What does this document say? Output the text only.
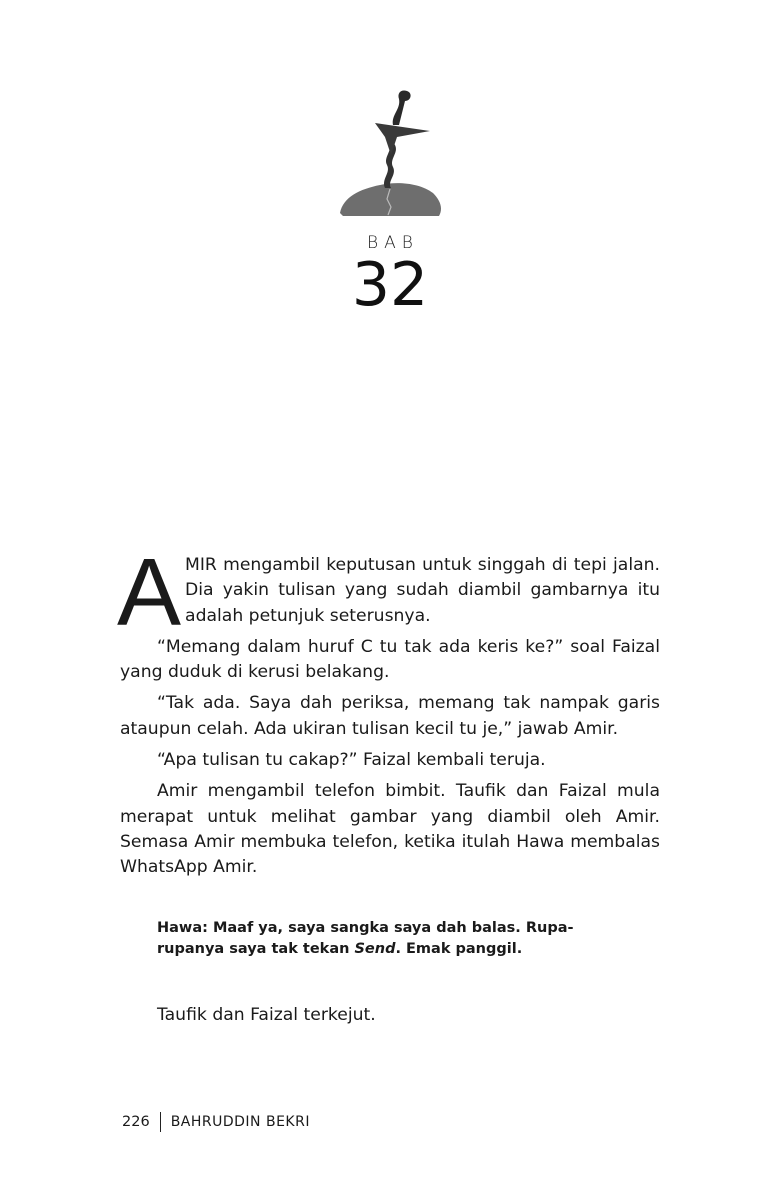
BAB
32

AMIR mengambil keputusan untuk singgah di tepi jalan. Dia yakin tulisan yang sudah diambil gambarnya itu adalah petunjuk seterusnya.

“Memang dalam huruf C tu tak ada keris ke?” soal Faizal yang duduk di kerusi belakang.

“Tak ada. Saya dah periksa, memang tak nampak garis ataupun celah. Ada ukiran tulisan kecil tu je,” jawab Amir.

“Apa tulisan tu cakap?” Faizal kembali teruja.

Amir mengambil telefon bimbit. Taufik dan Faizal mula merapat untuk melihat gambar yang diambil oleh Amir. Semasa Amir membuka telefon, ketika itulah Hawa membalas WhatsApp Amir.

Hawa: Maaf ya, saya sangka saya dah balas. Rupa-rupanya saya tak tekan Send. Emak panggil.
Taufik dan Faizal terkejut.
226 BAHRUDDIN BEKRI
